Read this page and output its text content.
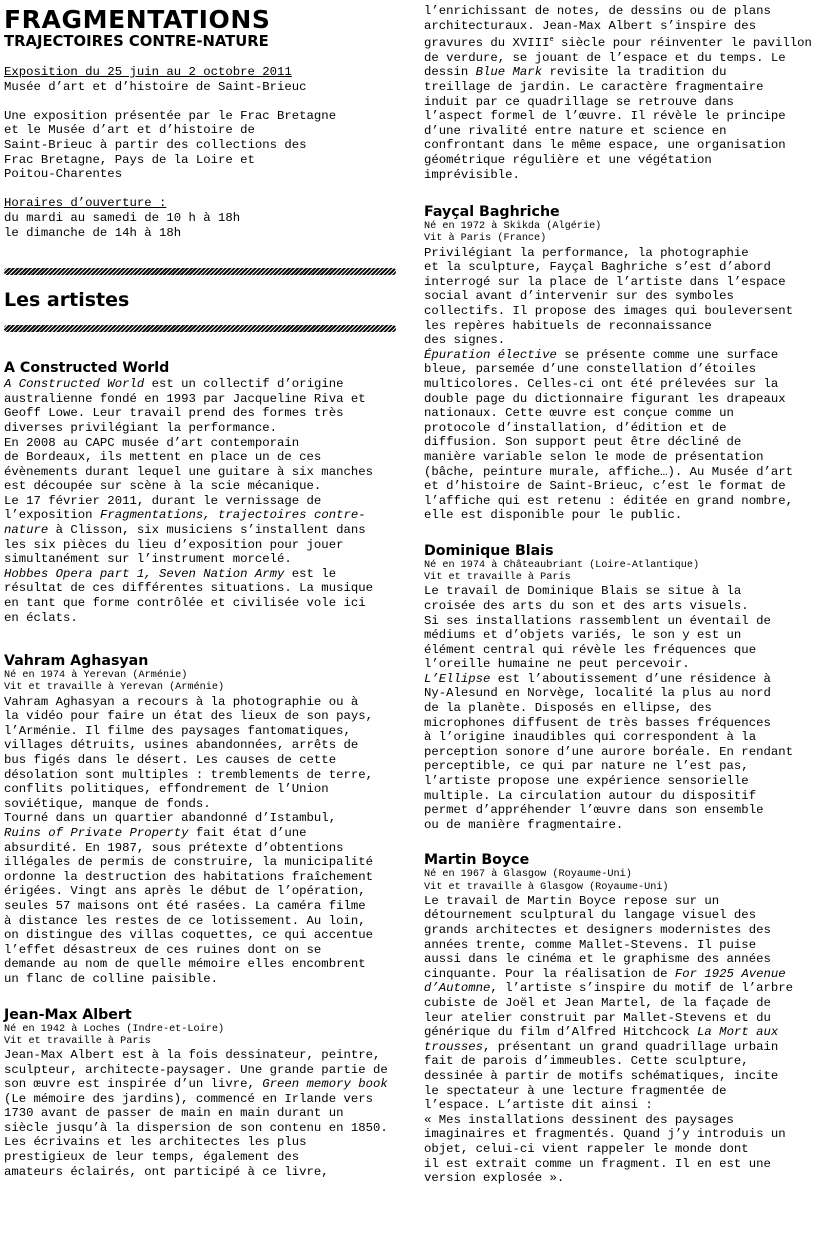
FRAGMENTATIONS
TRAJECTOIRES CONTRE-NATURE

Exposition du 25 juin au 2 octobre 2011

Musée d’art et d’histoire de Saint-Brieuc

Une exposition présentée par le Frac Bretagne

et le Musée d’art et d’histoire de

Saint-Brieuc à partir des collections des

Frac Bretagne, Pays de la Loire et

Poitou-Charentes

Horaires d’ouverture :

du mardi au samedi de 10 h à 18h

le dimanche de 14h à 18h

Les artistes
A Constructed World

A Constructed World est un collectif d’origine

australienne fondé en 1993 par Jacqueline Riva et

Geoff Lowe. Leur travail prend des formes très

diverses privilégiant la performance.

En 2008 au CAPC musée d’art contemporain

de Bordeaux, ils mettent en place un de ces

évènements durant lequel une guitare à six manches

est découpée sur scène à la scie mécanique.

Le 17 février 2011, durant le vernissage de

l’exposition Fragmentations, trajectoires contre-

nature à Clisson, six musiciens s’installent dans

les six pièces du lieu d’exposition pour jouer

simultanément sur l’instrument morcelé.

Hobbes Opera part 1, Seven Nation Army est le

résultat de ces différentes situations. La musique

en tant que forme contrôlée et civilisée vole ici

en éclats.

Vahram Aghasyan

Né en 1974 à Yerevan (Arménie)

Vit et travaille à Yerevan (Arménie)

Vahram Aghasyan a recours à la photographie ou à

la vidéo pour faire un état des lieux de son pays,

l’Arménie. Il filme des paysages fantomatiques,

villages détruits, usines abandonnées, arrêts de

bus figés dans le désert. Les causes de cette

désolation sont multiples : tremblements de terre,

conflits politiques, effondrement de l’Union

soviétique, manque de fonds.

Tourné dans un quartier abandonné d’Istambul,

Ruins of Private Property fait état d’une

absurdité. En 1987, sous prétexte d’obtentions

illégales de permis de construire, la municipalité

ordonne la destruction des habitations fraîchement

érigées. Vingt ans après le début de l’opération,

seules 57 maisons ont été rasées. La caméra filme

à distance les restes de ce lotissement. Au loin,

on distingue des villas coquettes, ce qui accentue

l’effet désastreux de ces ruines dont on se

demande au nom de quelle mémoire elles encombrent

un flanc de colline paisible.

Jean-Max Albert

Né en 1942 à Loches (Indre-et-Loire)

Vit et travaille à Paris

Jean-Max Albert est à la fois dessinateur, peintre,

sculpteur, architecte-paysager. Une grande partie de

son œuvre est inspirée d’un livre, Green memory book

(Le mémoire des jardins), commencé en Irlande vers

1730 avant de passer de main en main durant un

siècle jusqu’à la dispersion de son contenu en 1850.

Les écrivains et les architectes les plus

prestigieux de leur temps, également des

amateurs éclairés, ont participé à ce livre,

l’enrichissant de notes, de dessins ou de plans

architecturaux. Jean-Max Albert s’inspire des

gravures du XVIIIe siècle pour réinventer le pavillon

de verdure, se jouant de l’espace et du temps. Le

dessin Blue Mark revisite la tradition du

treillage de jardin. Le caractère fragmentaire

induit par ce quadrillage se retrouve dans

l’aspect formel de l’œuvre. Il révèle le principe

d’une rivalité entre nature et science en

confrontant dans le même espace, une organisation

géométrique régulière et une végétation

imprévisible.

Fayçal Baghriche

Né en 1972 à Skikda (Algérie)

Vit à Paris (France)

Privilégiant la performance, la photographie

et la sculpture, Fayçal Baghriche s’est d’abord

interrogé sur la place de l’artiste dans l’espace

social avant d’intervenir sur des symboles

collectifs. Il propose des images qui bouleversent

les repères habituels de reconnaissance

des signes.

Épuration élective se présente comme une surface

bleue, parsemée d’une constellation d’étoiles

multicolores. Celles-ci ont été prélevées sur la

double page du dictionnaire figurant les drapeaux

nationaux. Cette œuvre est conçue comme un

protocole d’installation, d’édition et de

diffusion. Son support peut être décliné de

manière variable selon le mode de présentation

(bâche, peinture murale, affiche…). Au Musée d’art

et d’histoire de Saint-Brieuc, c’est le format de

l’affiche qui est retenu : éditée en grand nombre,

elle est disponible pour le public.

Dominique Blais

Né en 1974 à Châteaubriant (Loire-Atlantique)

Vit et travaille à Paris

Le travail de Dominique Blais se situe à la

croisée des arts du son et des arts visuels.

Si ses installations rassemblent un éventail de

médiums et d’objets variés, le son y est un

élément central qui révèle les fréquences que

l’oreille humaine ne peut percevoir.

L’Ellipse est l’aboutissement d’une résidence à

Ny-Alesund en Norvège, localité la plus au nord

de la planète. Disposés en ellipse, des

microphones diffusent de très basses fréquences

à l’origine inaudibles qui correspondent à la

perception sonore d’une aurore boréale. En rendant

perceptible, ce qui par nature ne l’est pas,

l’artiste propose une expérience sensorielle

multiple. La circulation autour du dispositif

permet d’appréhender l’œuvre dans son ensemble

ou de manière fragmentaire.

Martin Boyce

Né en 1967 à Glasgow (Royaume-Uni)

Vit et travaille à Glasgow (Royaume-Uni)

Le travail de Martin Boyce repose sur un

détournement sculptural du langage visuel des

grands architectes et designers modernistes des

années trente, comme Mallet-Stevens. Il puise

aussi dans le cinéma et le graphisme des années

cinquante. Pour la réalisation de For 1925 Avenue

d’Automne, l’artiste s’inspire du motif de l’arbre

cubiste de Joël et Jean Martel, de la façade de

leur atelier construit par Mallet-Stevens et du

générique du film d’Alfred Hitchcock La Mort aux

trousses, présentant un grand quadrillage urbain

fait de parois d’immeubles. Cette sculpture,

dessinée à partir de motifs schématiques, incite

le spectateur à une lecture fragmentée de

l’espace. L’artiste dit ainsi :

« Mes installations dessinent des paysages

imaginaires et fragmentés. Quand j’y introduis un

objet, celui-ci vient rappeler le monde dont

il est extrait comme un fragment. Il en est une

version explosée ».
